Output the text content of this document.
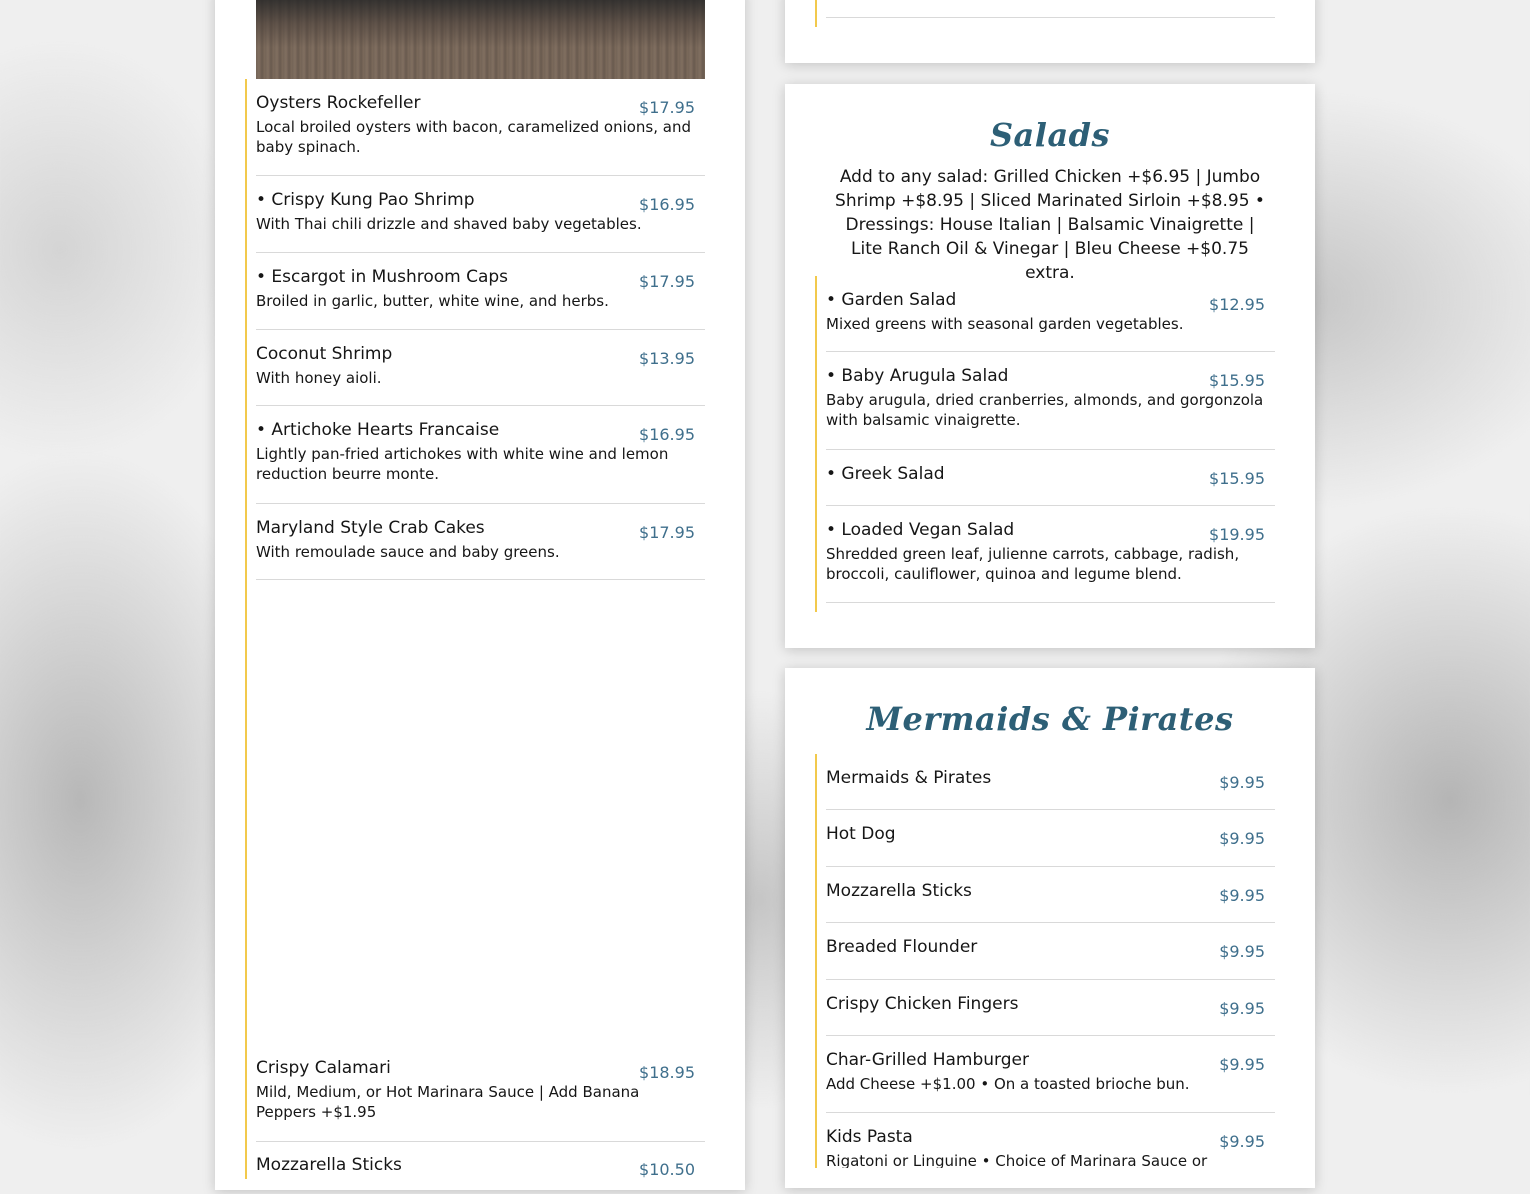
Oysters Rockefeller	$17.95
Local broiled oysters with bacon, caramelized onions, and baby spinach.
• Crispy Kung Pao Shrimp	$16.95
With Thai chili drizzle and shaved baby vegetables.
• Escargot in Mushroom Caps	$17.95
Broiled in garlic, butter, white wine, and herbs.
Coconut Shrimp	$13.95
With honey aioli.
• Artichoke Hearts Francaise	$16.95
Lightly pan-fried artichokes with white wine and lemon reduction beurre monte.
Maryland Style Crab Cakes	$17.95
With remoulade sauce and baby greens.
Crispy Calamari	$18.95
Mild, Medium, or Hot Marinara Sauce | Add Banana Peppers +$1.95
Mozzarella Sticks	$10.50
Salads
Add to any salad: Grilled Chicken +$6.95 | Jumbo Shrimp +$8.95 | Sliced Marinated Sirloin +$8.95 • Dressings: House Italian | Balsamic Vinaigrette | Lite Ranch Oil & Vinegar | Bleu Cheese +$0.75 extra.
• Garden Salad	$12.95
Mixed greens with seasonal garden vegetables.
• Baby Arugula Salad	$15.95
Baby arugula, dried cranberries, almonds, and gorgonzola with balsamic vinaigrette.
• Greek Salad	$15.95
• Loaded Vegan Salad	$19.95
Shredded green leaf, julienne carrots, cabbage, radish, broccoli, cauliflower, quinoa and legume blend.
Mermaids & Pirates
Mermaids & Pirates	$9.95
Hot Dog	$9.95
Mozzarella Sticks	$9.95
Breaded Flounder	$9.95
Crispy Chicken Fingers	$9.95
Char-Grilled Hamburger	$9.95
Add Cheese +$1.00 • On a toasted brioche bun.
Kids Pasta	$9.95
Rigatoni or Linguine • Choice of Marinara Sauce or
